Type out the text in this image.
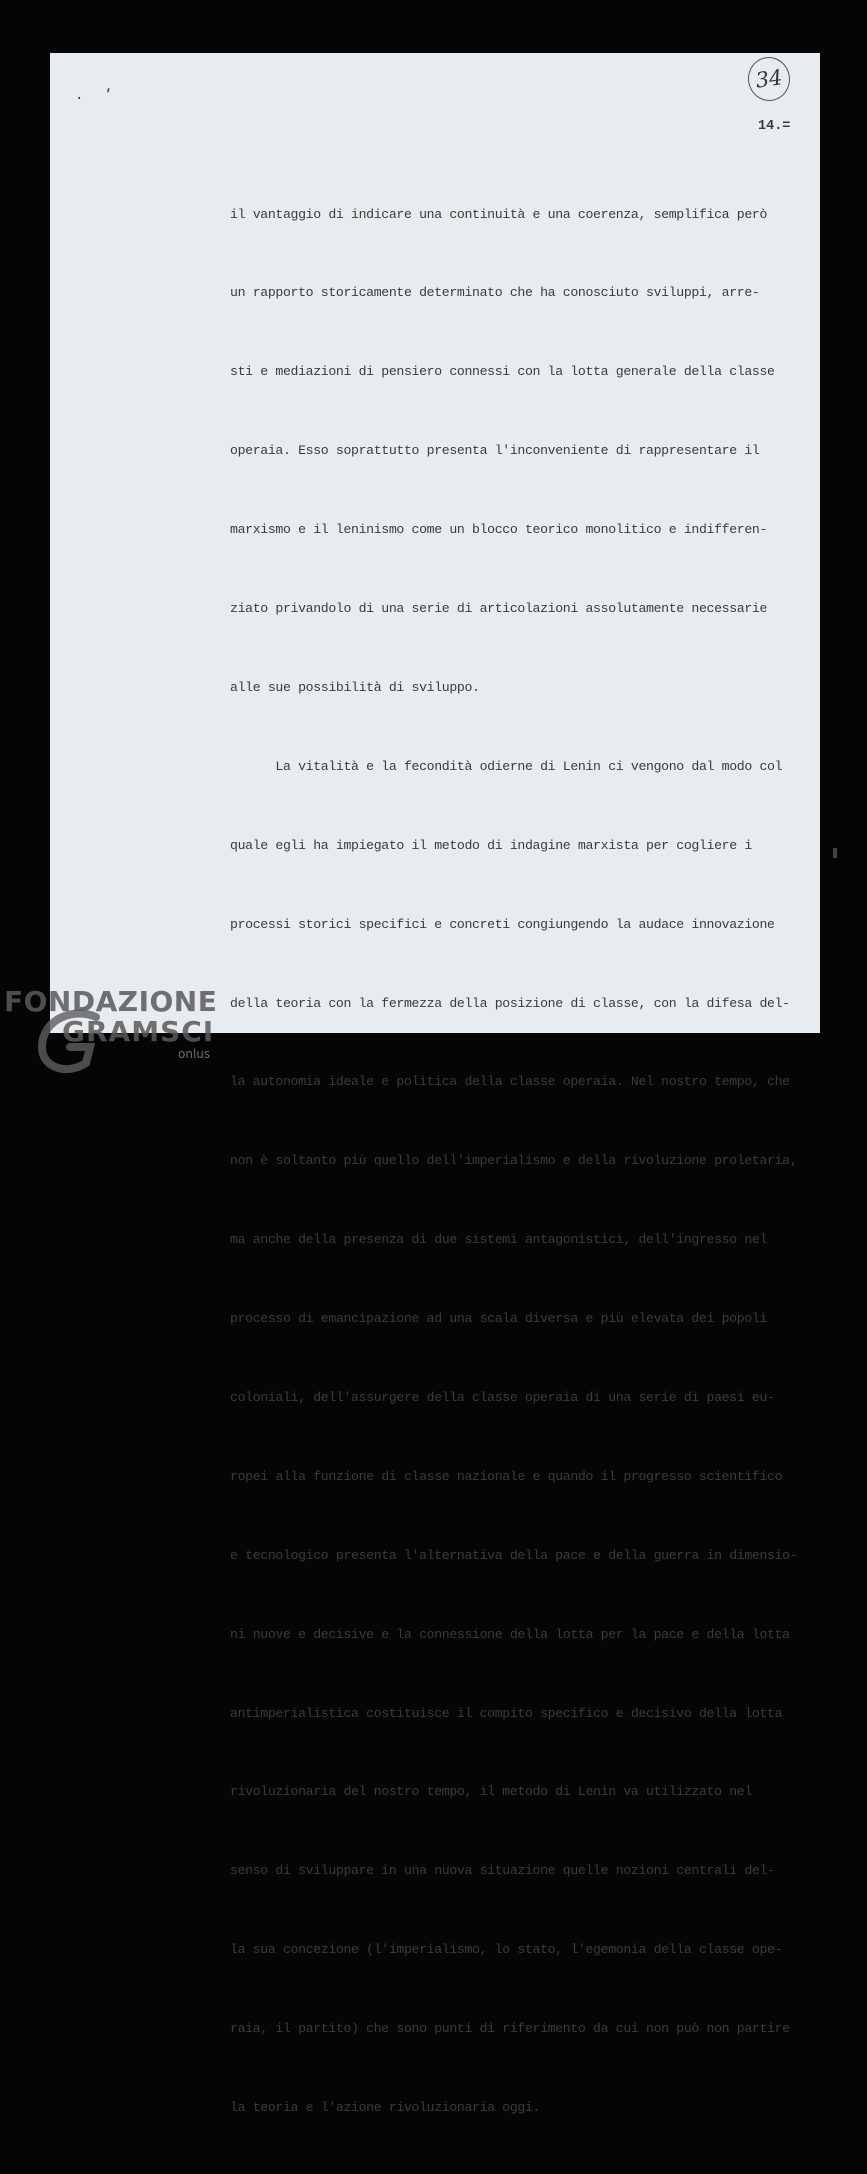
. ʼ
34
14.=

il vantaggio di indicare una continuità e una coerenza, semplifica però

un rapporto storicamente determinato che ha conosciuto sviluppi, arre-

sti e mediazioni di pensiero connessi con la lotta generale della classe

operaia. Esso soprattutto presenta l'inconveniente di rappresentare il

marxismo e il leninismo come un blocco teorico monolitico e indifferen-

ziato privandolo di una serie di articolazioni assolutamente necessarie

alle sue possibilità di sviluppo.

La vitalità e la fecondità odierne di Lenin ci vengono dal modo col

quale egli ha impiegato il metodo di indagine marxista per cogliere i

processi storici specifici e concreti congiungendo la audace innovazione

della teoria con la fermezza della posizione di classe, con la difesa del-

la autonomia ideale e politica della classe operaia. Nel nostro tempo, che

non è soltanto più quello dell'imperialismo e della rivoluzione proletaria,

ma anche della presenza di due sistemi antagonistici, dell'ingresso nel

processo di emancipazione ad una scala diversa e più elevata dei popoli

coloniali, dell'assurgere della classe operaia di una serie di paesi eu-

ropei alla funzione di classe nazionale e quando il progresso scientifico

e tecnologico presenta l'alternativa della pace e della guerra in dimensio-

ni nuove e decisive e la connessione della lotta per la pace e della lotta

antimperialistica costituisce il compito specifico e decisivo della lotta

rivoluzionaria del nostro tempo, il metodo di Lenin va utilizzato nel

senso di sviluppare in una nuova situazione quelle nozioni centrali del-

la sua concezione (l'imperialismo, lo stato, l'egemonia della classe ope-

raia, il partito) che sono punti di riferimento da cui non può non partire

la teoria e l'azione rivoluzionaria oggi.

FONDAZIONE
GRAMSCI
onlus
